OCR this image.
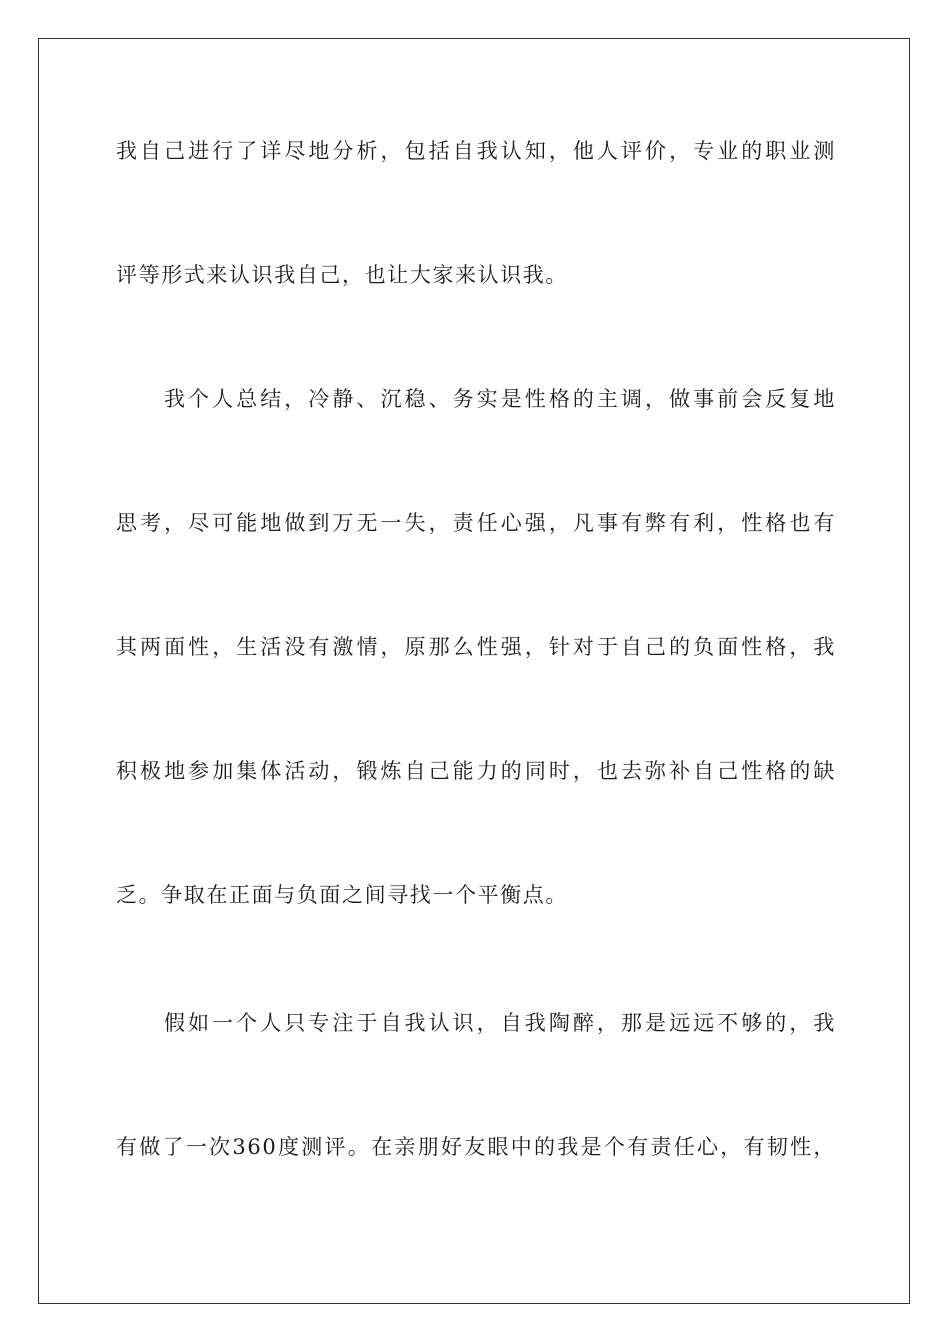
我自己进行了详尽地分析，包括自我认知，他人评价，专业的职业测
评等形式来认识我自己，也让大家来认识我。
我个人总结，冷静、沉稳、务实是性格的主调，做事前会反复地
思考，尽可能地做到万无一失，责任心强，凡事有弊有利，性格也有
其两面性，生活没有激情，原那么性强，针对于自己的负面性格，我
积极地参加集体活动，锻炼自己能力的同时，也去弥补自己性格的缺
乏。争取在正面与负面之间寻找一个平衡点。
假如一个人只专注于自我认识，自我陶醉，那是远远不够的，我
有做了一次360度测评。在亲朋好友眼中的我是个有责任心，有韧性，
